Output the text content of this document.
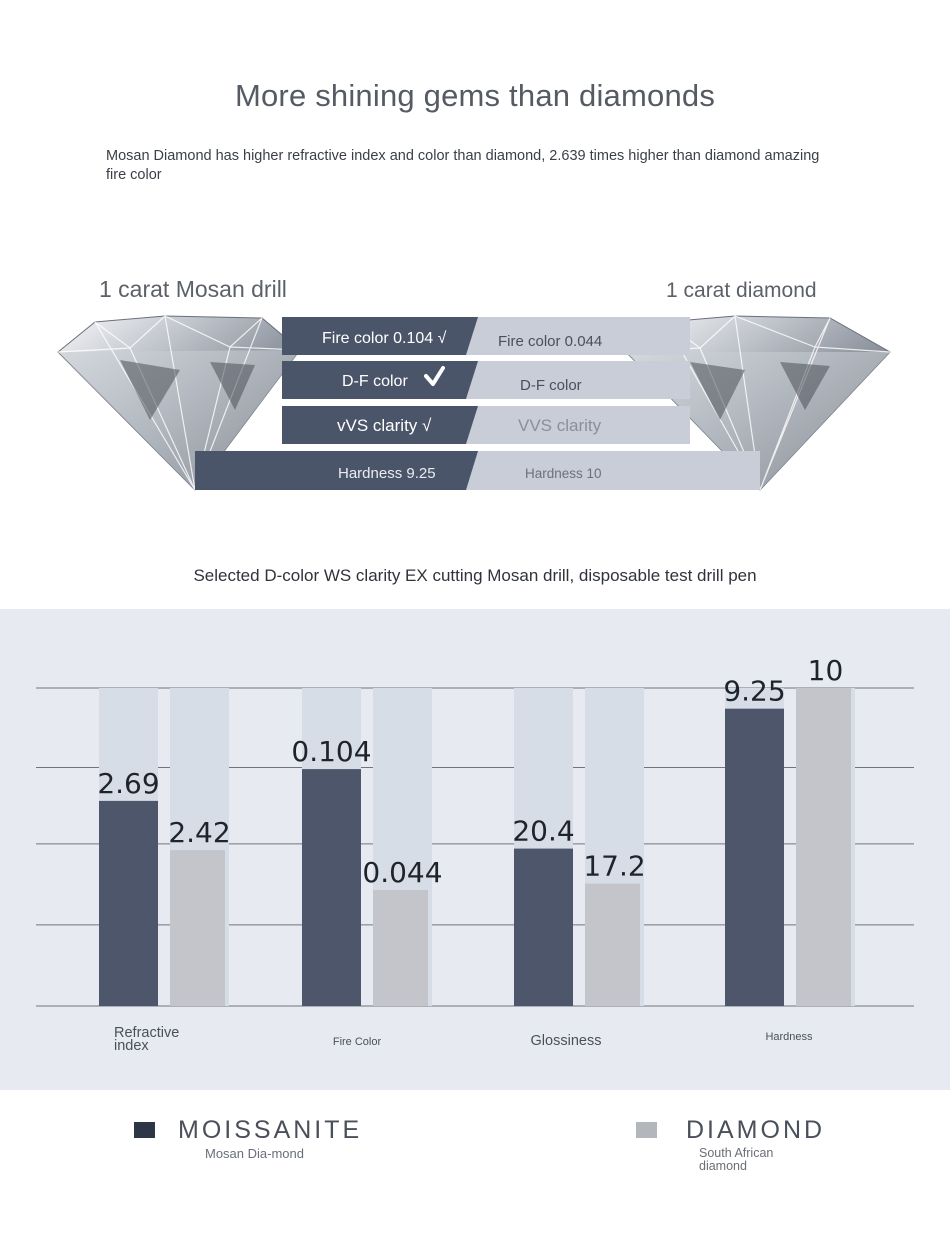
More shining gems than diamonds
Mosan Diamond has higher refractive index and color than diamond, 2.639 times higher than diamond amazing fire color
1 carat Mosan drill	1 carat diamond
Fire color 0.104 √	Fire color 0.044
D-F color	D-F color
vVS clarity √	VVS clarity
Hardness 9.25	Hardness 10
Selected D-color WS clarity EX cutting Mosan drill, disposable test drill pen
2.69
2.42
0.104
0.044
20.4
17.2
9.25
10
Refractive
index	Fire Color	Glossiness	Hardness
MOISSANITE
Mosan Dia-mond
DIAMOND
South African diamond
